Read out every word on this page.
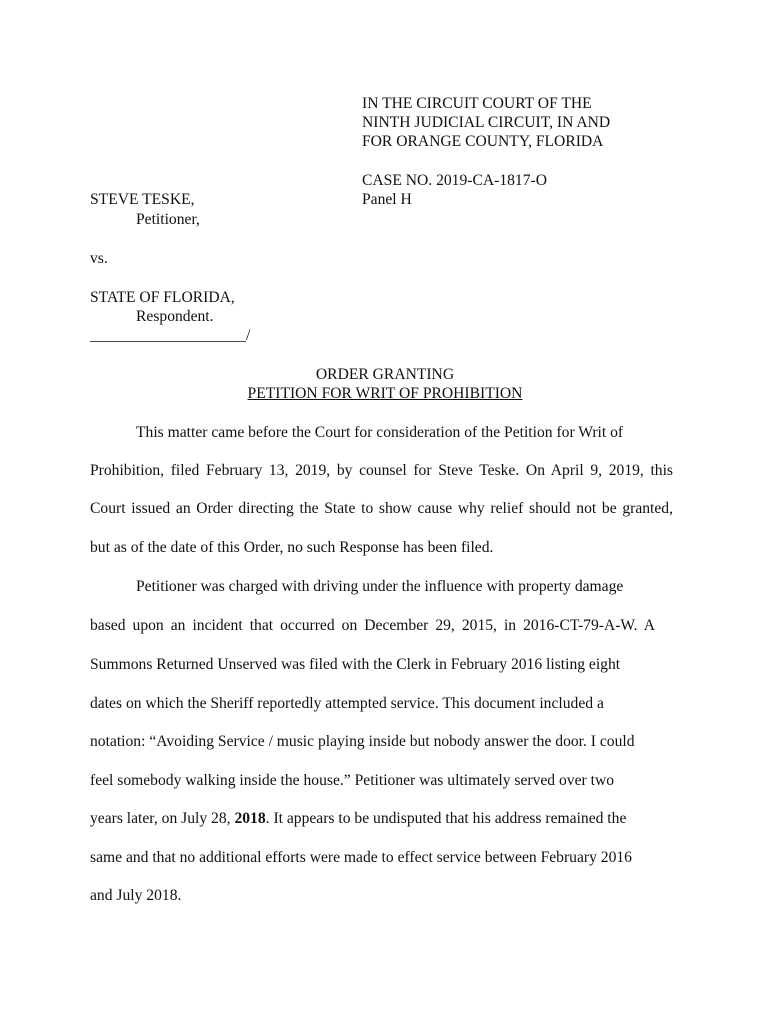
IN THE CIRCUIT COURT OF THE
NINTH JUDICIAL CIRCUIT, IN AND
FOR ORANGE COUNTY, FLORIDA
CASE NO. 2019-CA-1817-O
Panel H
STEVE TESKE,
Petitioner,
vs.
STATE OF FLORIDA,
Respondent.
____________________/
ORDER GRANTING
PETITION FOR WRIT OF PROHIBITION
This matter came before the Court for consideration of the Petition for Writ of
Prohibition, filed February 13, 2019, by counsel for Steve Teske. On April 9, 2019, this
Court issued an Order directing the State to show cause why relief should not be granted,
but as of the date of this Order, no such Response has been filed.
Petitioner was charged with driving under the influence with property damage
based upon an incident that occurred on December 29, 2015, in 2016-CT-79-A-W. A
Summons Returned Unserved was filed with the Clerk in February 2016 listing eight
dates on which the Sheriff reportedly attempted service. This document included a
notation: “Avoiding Service / music playing inside but nobody answer the door. I could
feel somebody walking inside the house.” Petitioner was ultimately served over two
years later, on July 28, 2018. It appears to be undisputed that his address remained the
same and that no additional efforts were made to effect service between February 2016
and July 2018.
